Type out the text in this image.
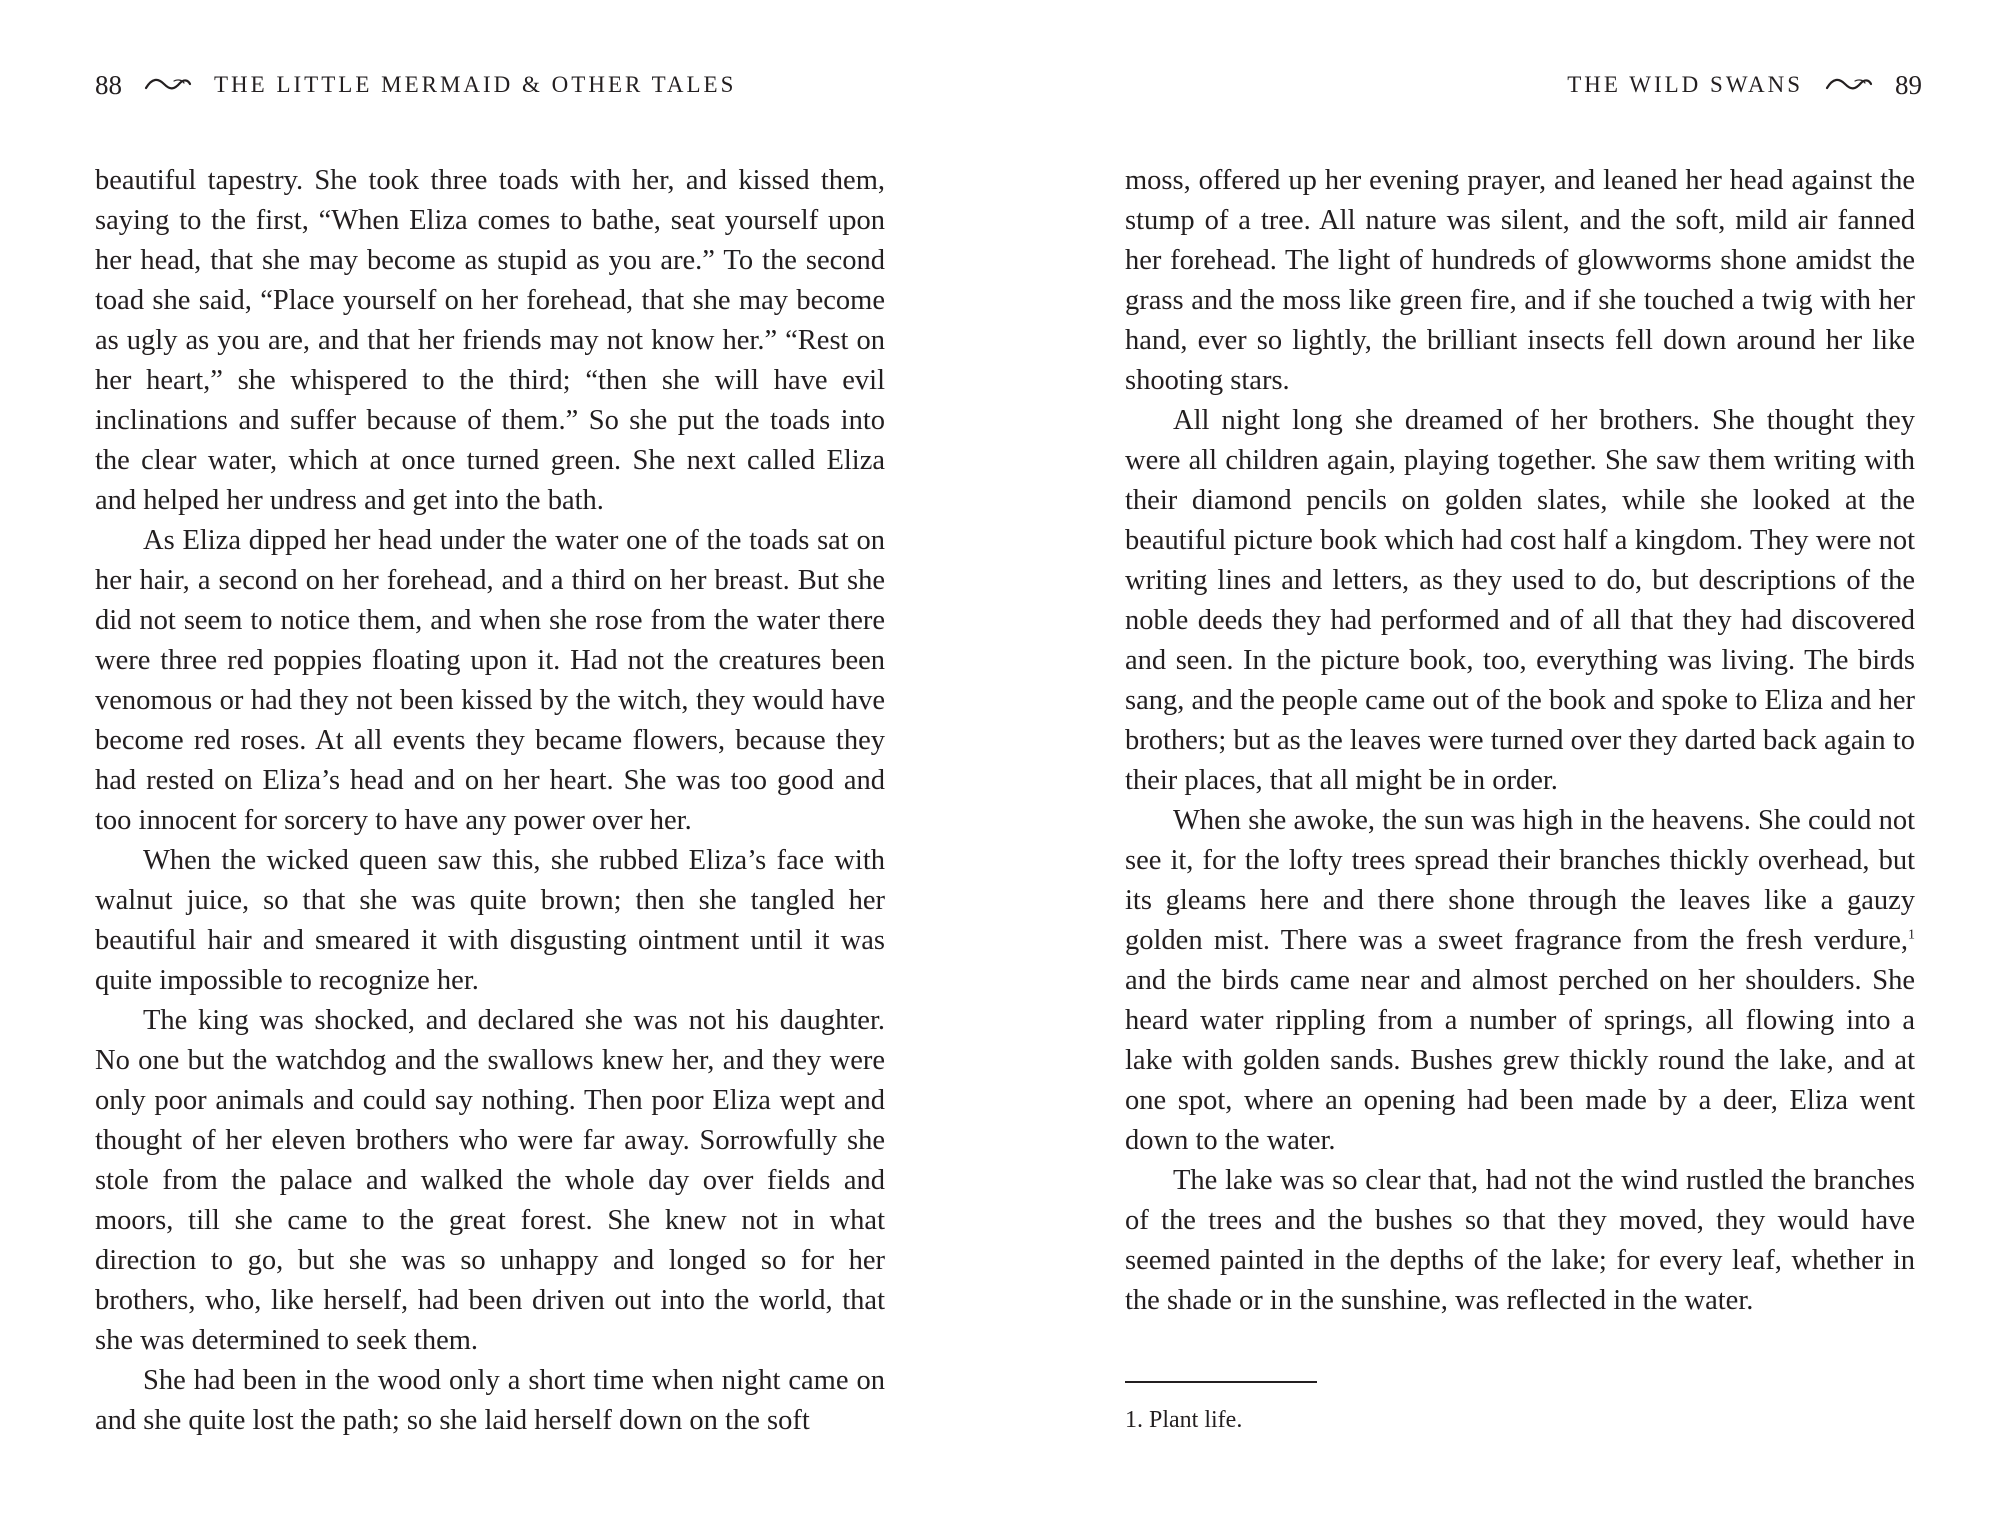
88	THE LITTLE MERMAID & OTHER TALES

beautiful tapestry. She took three toads with her, and kissed them, saying to the first, “When Eliza comes to bathe, seat yourself upon her head, that she may become as stupid as you are.” To the second toad she said, “Place yourself on her forehead, that she may become as ugly as you are, and that her friends may not know her.” “Rest on her heart,” she whispered to the third; “then she will have evil inclinations and suffer because of them.” So she put the toads into the clear water, which at once turned green. She next called Eliza and helped her undress and get into the bath.

As Eliza dipped her head under the water one of the toads sat on her hair, a second on her forehead, and a third on her breast. But she did not seem to notice them, and when she rose from the water there were three red poppies floating upon it. Had not the creatures been venomous or had they not been kissed by the witch, they would have become red roses. At all events they became flowers, because they had rested on Eliza’s head and on her heart. She was too good and too innocent for sorcery to have any power over her.

When the wicked queen saw this, she rubbed Eliza’s face with walnut juice, so that she was quite brown; then she tangled her beautiful hair and smeared it with disgusting ointment until it was quite impossible to recognize her.

The king was shocked, and declared she was not his daughter. No one but the watchdog and the swallows knew her, and they were only poor animals and could say nothing. Then poor Eliza wept and thought of her eleven brothers who were far away. Sorrowfully she stole from the palace and walked the whole day over fields and moors, till she came to the great forest. She knew not in what direction to go, but she was so unhappy and longed so for her brothers, who, like herself, had been driven out into the world, that she was determined to seek them.

She had been in the wood only a short time when night came on and she quite lost the path; so she laid herself down on the soft

THE WILD SWANS	89

moss, offered up her evening prayer, and leaned her head against the stump of a tree. All nature was silent, and the soft, mild air fanned her forehead. The light of hundreds of glowworms shone amidst the grass and the moss like green fire, and if she touched a twig with her hand, ever so lightly, the brilliant insects fell down around her like shooting stars.

All night long she dreamed of her brothers. She thought they were all children again, playing together. She saw them writing with their diamond pencils on golden slates, while she looked at the beautiful picture book which had cost half a kingdom. They were not writing lines and letters, as they used to do, but descriptions of the noble deeds they had performed and of all that they had discovered and seen. In the picture book, too, everything was living. The birds sang, and the people came out of the book and spoke to Eliza and her brothers; but as the leaves were turned over they darted back again to their places, that all might be in order.

When she awoke, the sun was high in the heavens. She could not see it, for the lofty trees spread their branches thickly overhead, but its gleams here and there shone through the leaves like a gauzy golden mist. There was a sweet fragrance from the fresh verdure,$^1$ and the birds came near and almost perched on her shoulders. She heard water rippling from a number of springs, all flowing into a lake with golden sands. Bushes grew thickly round the lake, and at one spot, where an opening had been made by a deer, Eliza went down to the water.

The lake was so clear that, had not the wind rustled the branches of the trees and the bushes so that they moved, they would have seemed painted in the depths of the lake; for every leaf, whether in the shade or in the sunshine, was reflected in the water.

1. Plant life.
